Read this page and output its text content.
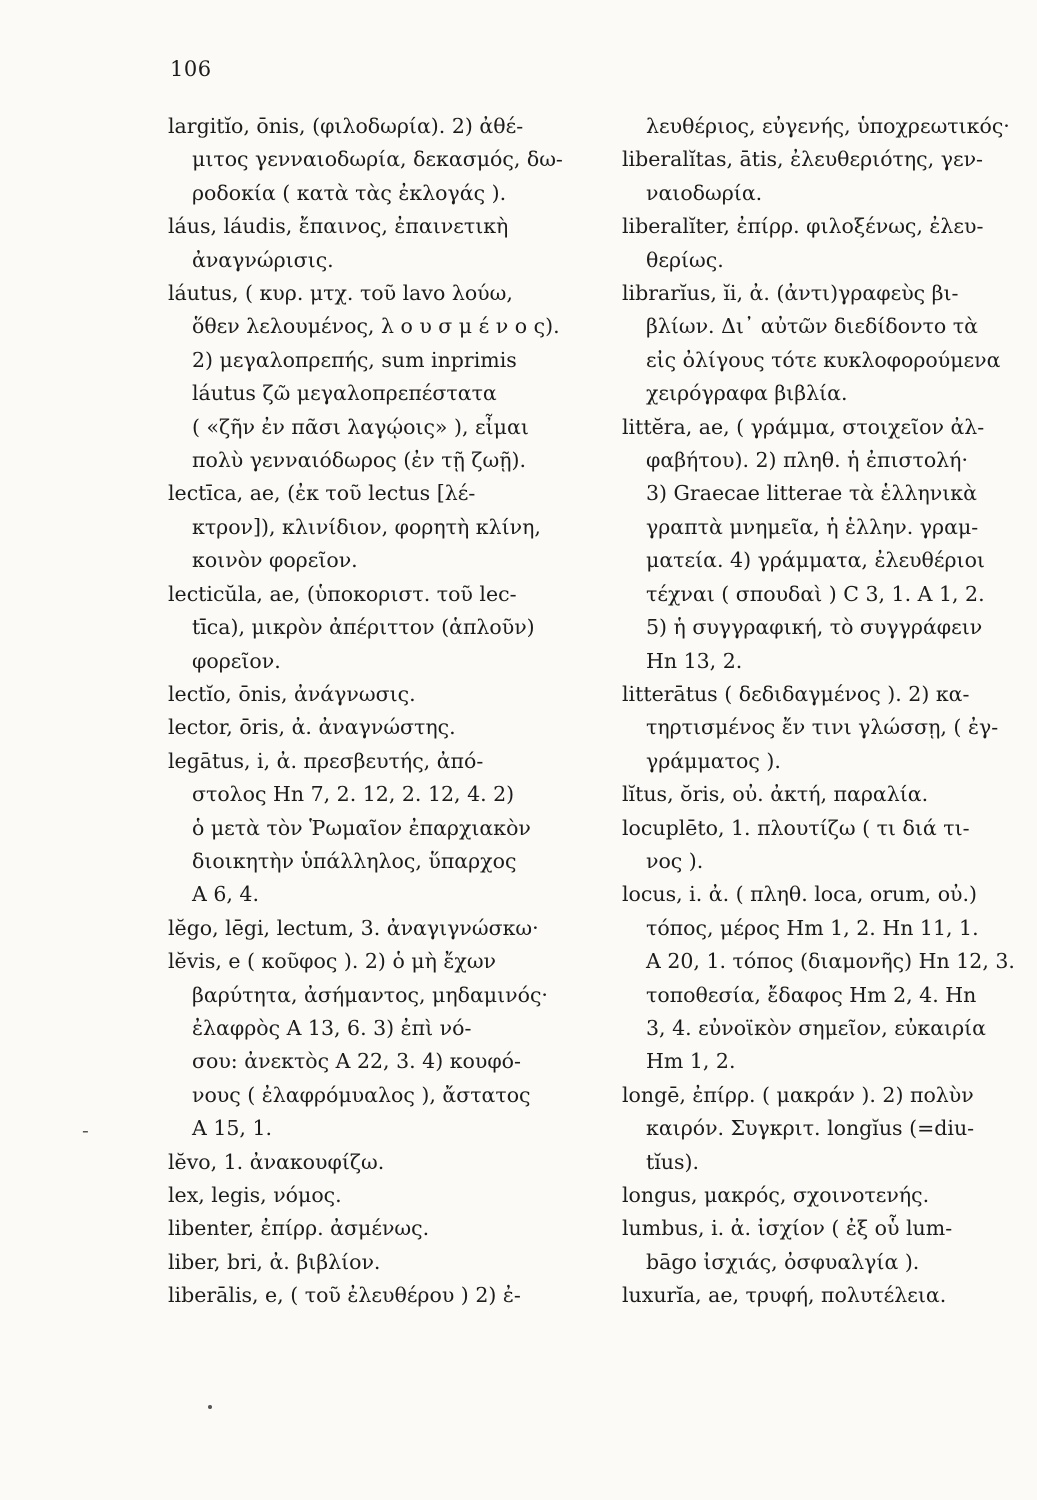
106
-
largitĭo, ōnis, (φιλοδωρία). 2) ἀθέ-
μιτος γενναιοδωρία, δεκασμός, δω-
ροδοκία ( κατὰ τὰς ἐκλογάς ).
láus, láudis, ἔπαινος, ἐπαινετικὴ
ἀναγνώρισις.
láutus, ( κυρ. μτχ. τοῦ lavo λούω,
ὅθεν λελουμένος, λ ο υ σ μ έ ν ο ς).
2) μεγαλοπρεπής, sum inprimis
láutus ζῶ μεγαλοπρεπέστατα
( «ζῆν ἐν πᾶσι λαγῴοις» ), εἶμαι
πολὺ γενναιόδωρος (ἐν τῇ ζωῇ).
lectīca, ae, (ἐκ τοῦ lectus [λέ-
κτρον]), κλινίδιον, φορητὴ κλίνη,
κοινὸν φορεῖον.
lecticŭla, ae, (ὑποκοριστ. τοῦ lec-
tīca), μικρὸν ἀπέριττον (ἁπλοῦν)
φορεῖον.
lectĭo, ōnis, ἀνάγνωσις.
lector, ōris, ἀ. ἀναγνώστης.
legātus, i, ἀ. πρεσβευτής, ἀπό-
στολος Hn 7, 2. 12, 2. 12, 4. 2)
ὁ μετὰ τὸν Ῥωμαῖον ἐπαρχιακὸν
διοικητὴν ὑπάλληλος, ὕπαρχος
A 6, 4.
lĕgo, lēgi, lectum, 3. ἀναγιγνώσκω·
lĕvis, e ( κοῦφος ). 2) ὁ μὴ ἔχων
βαρύτητα, ἀσήμαντος, μηδαμινός·
ἐλαφρὸς A 13, 6. 3) ἐπὶ νό-
σου: ἀνεκτὸς A 22, 3. 4) κουφό-
νους ( ἐλαφρόμυαλος ), ἄστατος
A 15, 1.
lĕvo, 1. ἀνακουφίζω.
lex, legis, νόμος.
libenter, ἐπίρρ. ἀσμένως.
liber, bri, ἀ. βιβλίον.
liberālis, e, ( τοῦ ἐλευθέρου ) 2) ἐ-
λευθέριος, εὐγενής, ὑποχρεωτικός·
liberalĭtas, ātis, ἐλευθεριότης, γεν-
ναιοδωρία.
liberalĭter, ἐπίρρ. φιλοξένως, ἐλευ-
θερίως.
librarĭus, ĭi, ἀ. (ἀντι)γραφεὺς βι-
βλίων. Δι᾽ αὐτῶν διεδίδοντο τὰ
εἰς ὀλίγους τότε κυκλοφορούμενα
χειρόγραφα βιβλία.
littĕra, ae, ( γράμμα, στοιχεῖον ἀλ-
φαβήτου). 2) πληθ. ἡ ἐπιστολή·
3) Graecae litterae τὰ ἑλληνικὰ
γραπτὰ μνημεῖα, ἡ ἑλλην. γραμ-
ματεία. 4) γράμματα, ἐλευθέριοι
τέχναι ( σπουδαὶ ) C 3, 1. A 1, 2.
5) ἡ συγγραφική, τὸ συγγράφειν
Hn 13, 2.
litterātus ( δεδιδαγμένος ). 2) κα-
τηρτισμένος ἔν τινι γλώσσῃ, ( ἐγ-
γράμματος ).
lĭtus, ŏris, οὐ. ἀκτή, παραλία.
locuplēto, 1. πλουτίζω ( τι διά τι-
νος ).
locus, i. ἀ. ( πληθ. loca, orum, οὐ.)
τόπος, μέρος Hm 1, 2. Hn 11, 1.
A 20, 1. τόπος (διαμονῆς) Hn 12, 3.
τοποθεσία, ἔδαφος Hm 2, 4. Hn
3, 4. εὐνοϊκὸν σημεῖον, εὐκαιρία
Hm 1, 2.
longē, ἐπίρρ. ( μακράν ). 2) πολὺν
καιρόν. Συγκριτ. longĭus (=diu-
tĭus).
longus, μακρός, σχοινοτενής.
lumbus, i. ἀ. ἰσχίον ( ἐξ οὗ lum-
bāgo ἰσχιάς, ὀσφυαλγία ).
luxurĭa, ae, τρυφή, πολυτέλεια.
